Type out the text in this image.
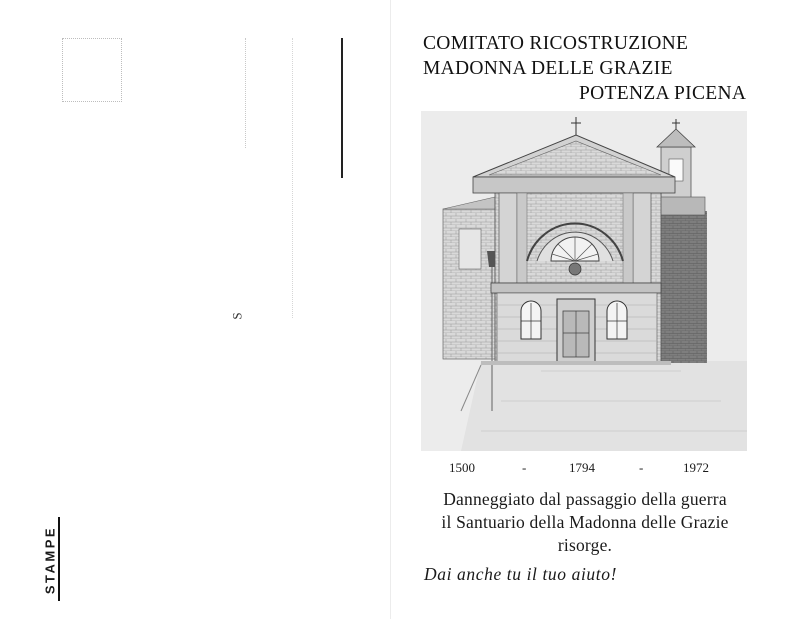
S
STAMPE
COMITATO RICOSTRUZIONE
MADONNA DELLE GRAZIE
POTENZA PICENA
1500	-	1794	-	1972
Danneggiato dal passaggio della guerra
il Santuario della Madonna delle Grazie
risorge.
Dai anche tu il tuo aiuto!
